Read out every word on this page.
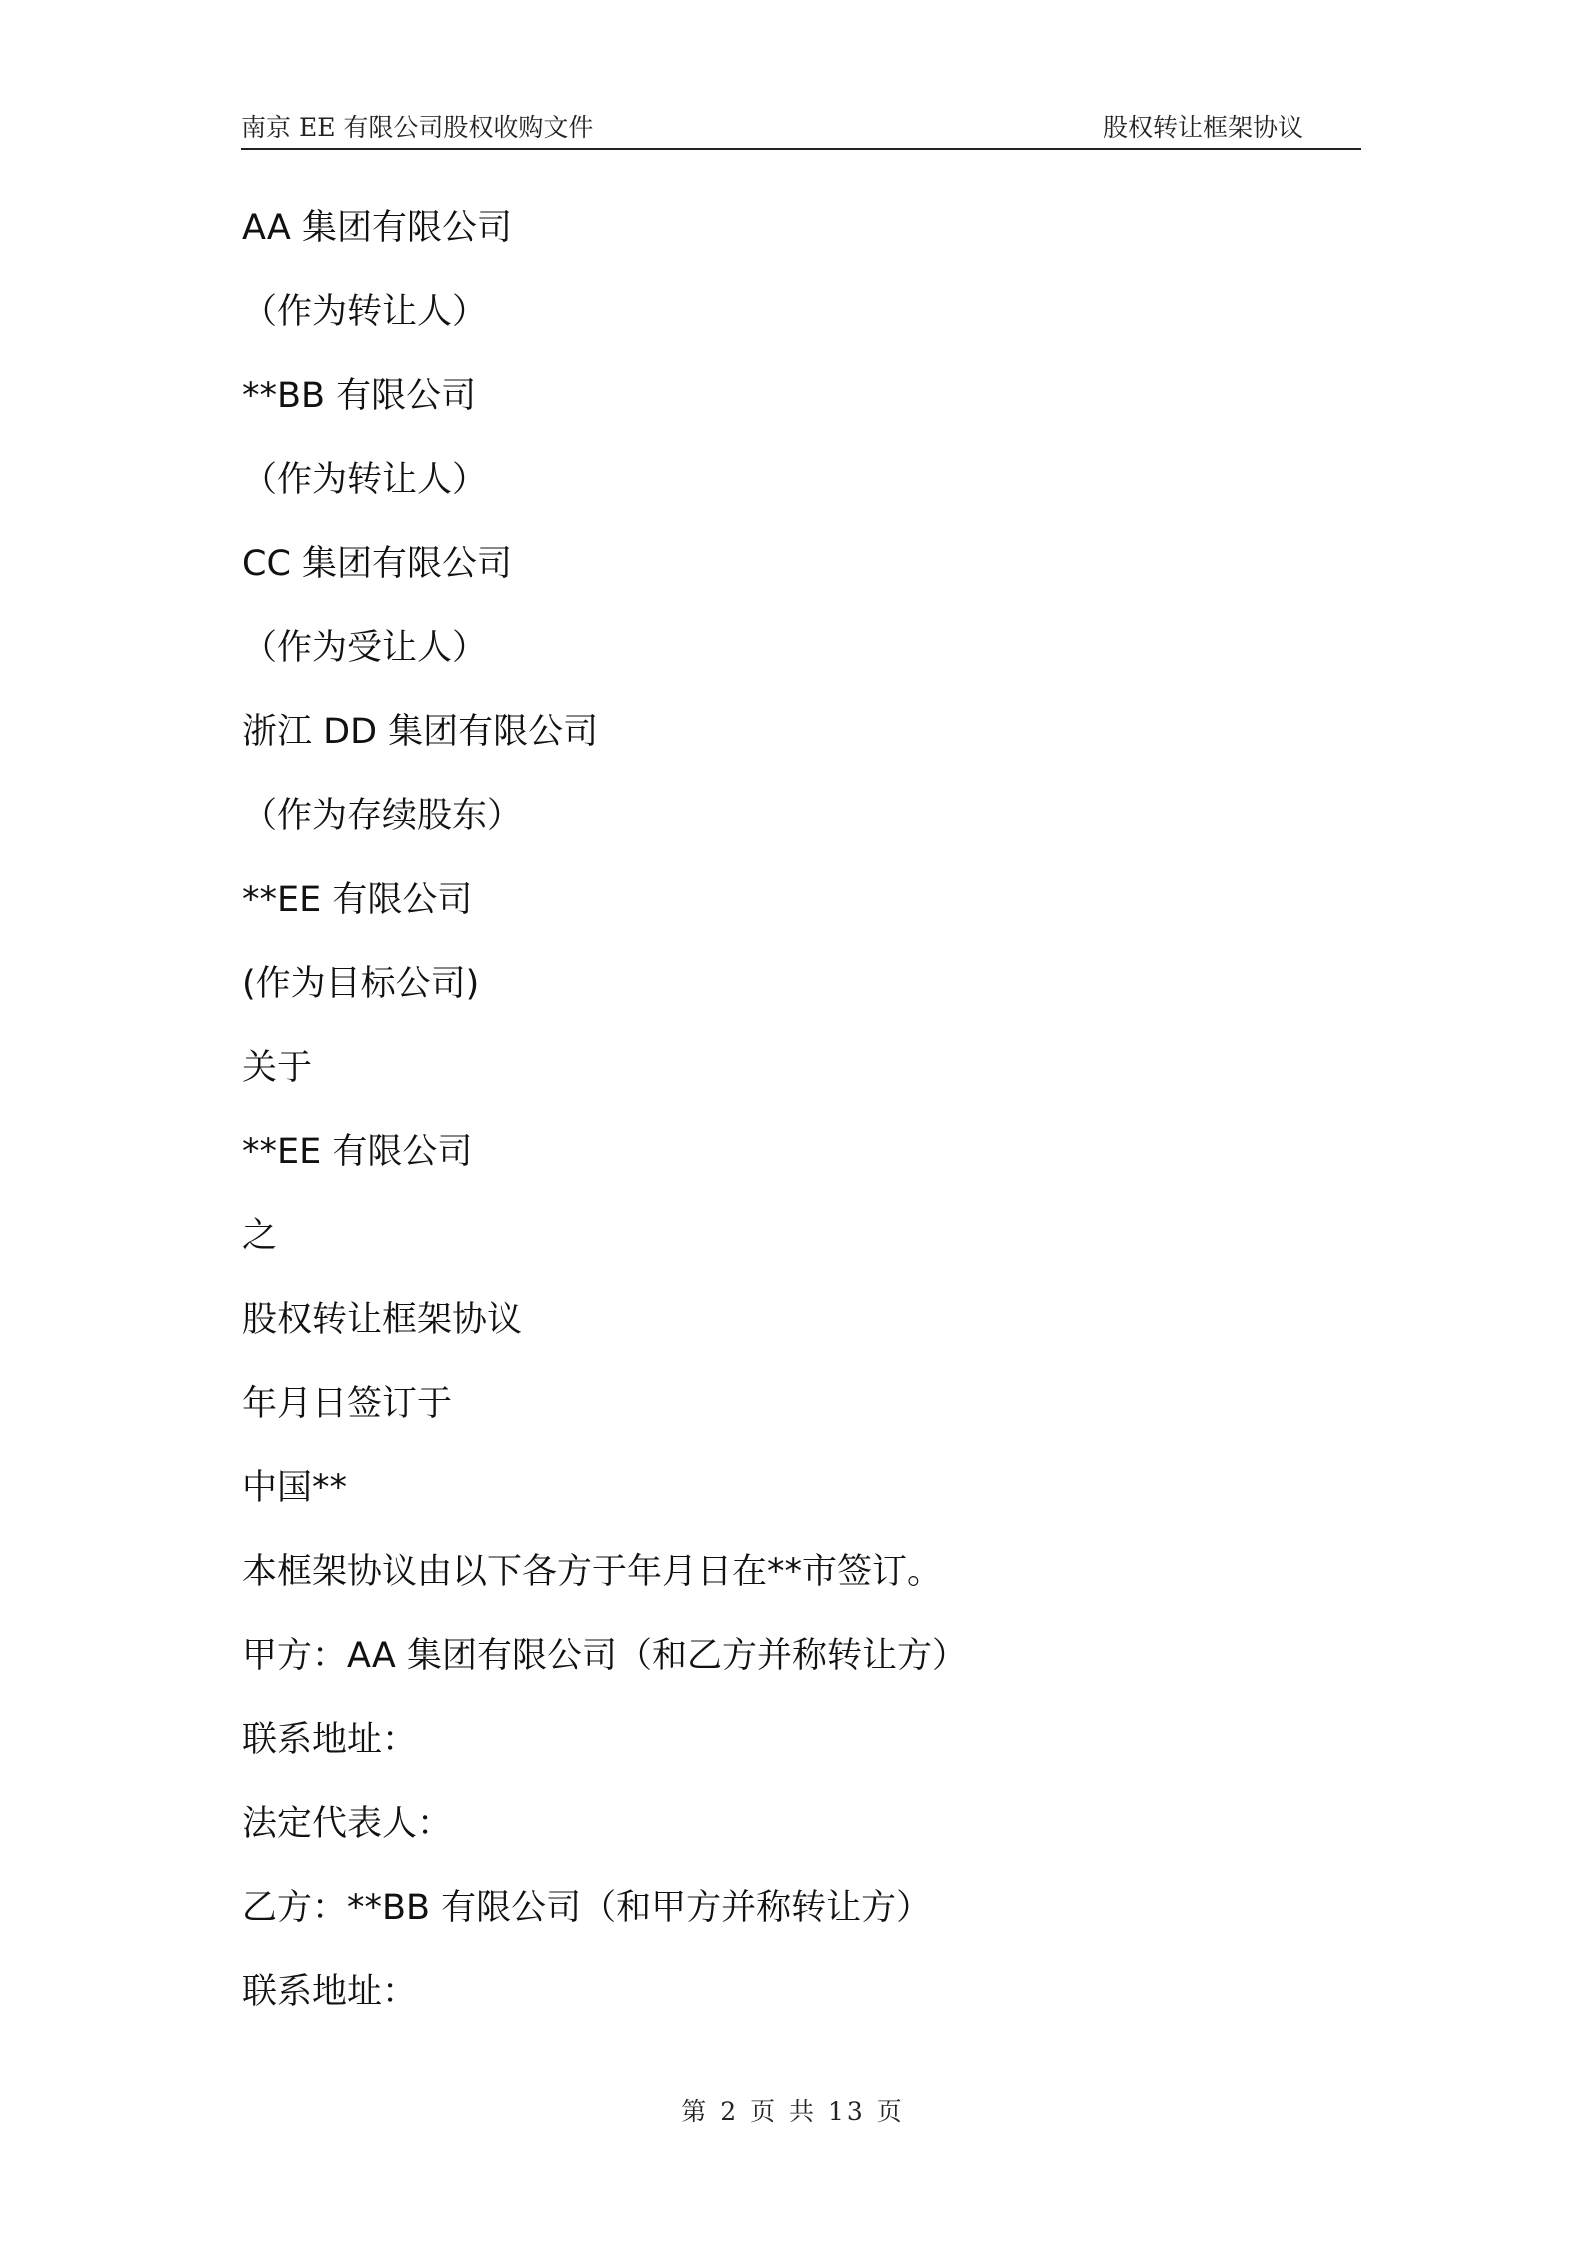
南京 EE 有限公司股权收购文件	股权转让框架协议
AA 集团有限公司
（作为转让人）
**BB 有限公司
（作为转让人）
CC 集团有限公司
（作为受让人）
浙江 DD 集团有限公司
（作为存续股东）
**EE 有限公司
(作为目标公司)
关于
**EE 有限公司
之
股权转让框架协议
年月日签订于
中国**
本框架协议由以下各方于年月日在**市签订。
甲方：AA 集团有限公司（和乙方并称转让方）
联系地址：
法定代表人：
乙方：**BB 有限公司（和甲方并称转让方）
联系地址：
第 2 页 共 13 页
